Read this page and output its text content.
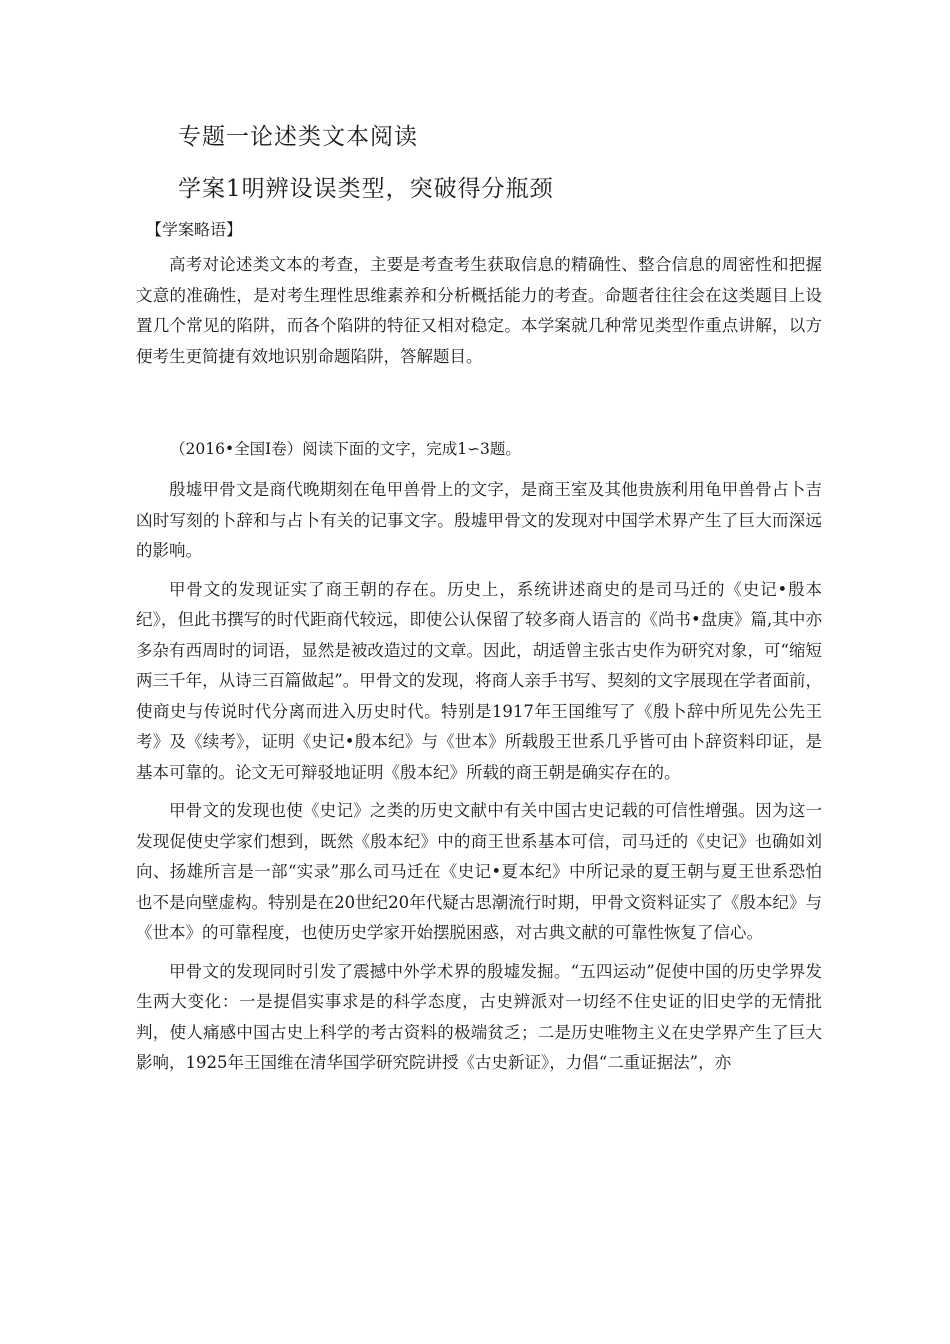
专题一论述类文本阅读
学案1明辨设误类型，突破得分瓶颈
【学案略语】

高考对论述类文本的考查，主要是考查考生获取信息的精确性、整合信息的周密性和把握文意的准确性，是对考生理性思维素养和分析概括能力的考查。命题者往往会在这类题目上设置几个常见的陷阱，而各个陷阱的特征又相对稳定。本学案就几种常见类型作重点讲解，以方便考生更简捷有效地识别命题陷阱，答解题目。

（2016•全国Ⅰ卷）阅读下面的文字，完成1∽3题。

殷墟甲骨文是商代晚期刻在龟甲兽骨上的文字，是商王室及其他贵族利用龟甲兽骨占卜吉凶时写刻的卜辞和与占卜有关的记事文字。殷墟甲骨文的发现对中国学术界产生了巨大而深远的影响。

甲骨文的发现证实了商王朝的存在。历史上，系统讲述商史的是司马迁的《史记•殷本纪》，但此书撰写的时代距商代较远，即使公认保留了较多商人语言的《尚书•盘庚》篇,其中亦多杂有西周时的词语，显然是被改造过的文章。因此，胡适曾主张古史作为研究对象，可“缩短两三千年，从诗三百篇做起”。甲骨文的发现，将商人亲手书写、契刻的文字展现在学者面前，使商史与传说时代分离而进入历史时代。特别是1917年王国维写了《殷卜辞中所见先公先王考》及《续考》，证明《史记•殷本纪》与《世本》所载殷王世系几乎皆可由卜辞资料印证，是基本可靠的。论文无可辩驳地证明《殷本纪》所载的商王朝是确实存在的。

甲骨文的发现也使《史记》之类的历史文献中有关中国古史记载的可信性增强。因为这一发现促使史学家们想到，既然《殷本纪》中的商王世系基本可信，司马迁的《史记》也确如刘向、扬雄所言是一部“实录”那么司马迁在《史记•夏本纪》中所记录的夏王朝与夏王世系恐怕也不是向壁虚构。特别是在20世纪20年代疑古思潮流行时期，甲骨文资料证实了《殷本纪》与《世本》的可靠程度，也使历史学家开始摆脱困惑，对古典文献的可靠性恢复了信心。

甲骨文的发现同时引发了震撼中外学术界的殷墟发掘。“五四运动”促使中国的历史学界发生两大变化：一是提倡实事求是的科学态度，古史辨派对一切经不住史证的旧史学的无情批判，使人痛感中国古史上科学的考古资料的极端贫乏；二是历史唯物主义在史学界产生了巨大影响，1925年王国维在清华国学研究院讲授《古史新证》，力倡“二重证据法”，亦
